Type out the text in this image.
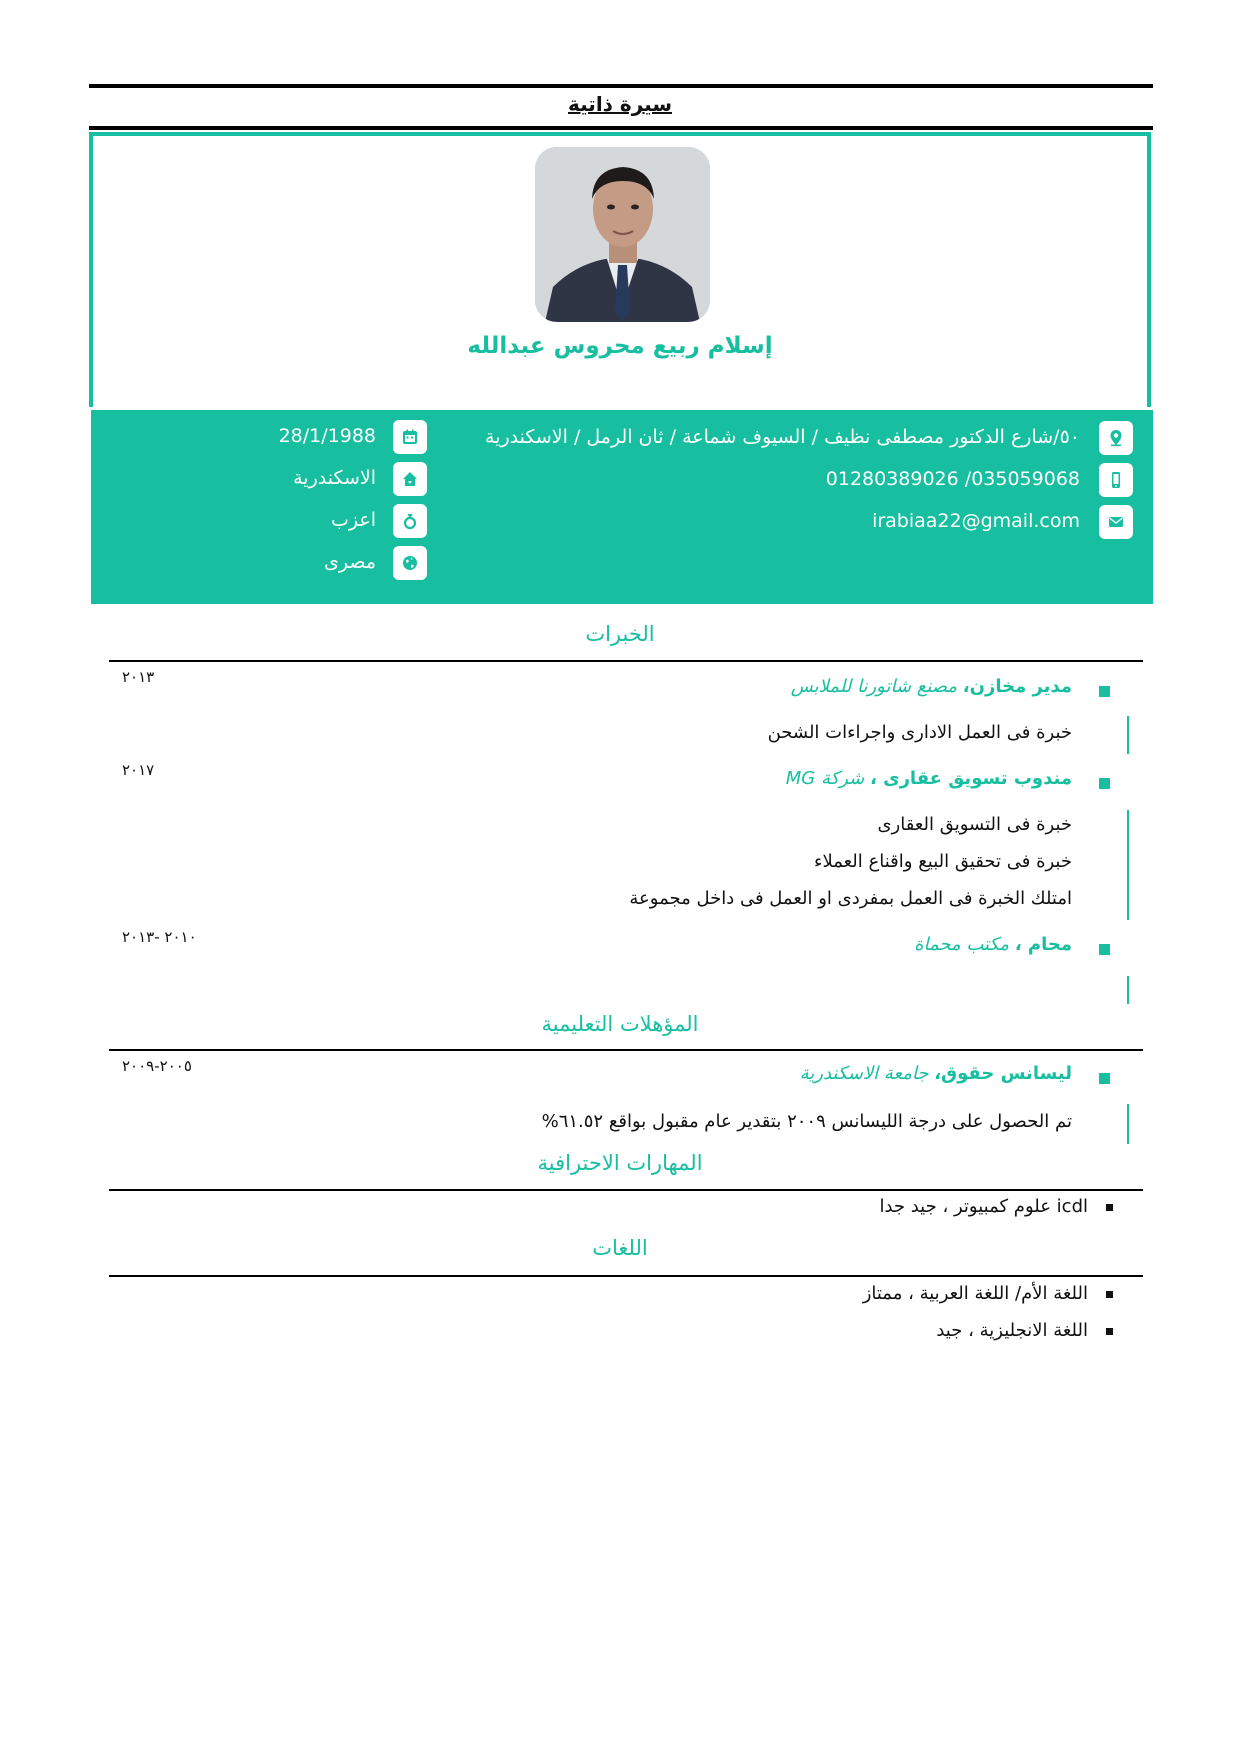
سيرة ذاتية
إسلام ربيع محروس عبدالله
٥٠/شارع الدكتور مصطفى نظيف / السيوف شماعة / ثان الرمل / الاسكندرية
035059068/ 01280389026
irabiaa22@gmail.com
28/1/1988
الاسكندرية
اعزب
مصرى
الخبرات
مدير مخازن، مصنع شاتورنا للملابس
٢٠١٣
خبرة فى العمل الادارى واجراءات الشحن
مندوب تسويق عقارى ، شركة MG
٢٠١٧
خبرة فى التسويق العقارى
خبرة فى تحقيق البيع واقناع العملاء
امتلك الخبرة فى العمل بمفردى او العمل فى داخل مجموعة
محام ، مكتب محماة
٢٠١٠ -٢٠١٣
المؤهلات التعليمية
ليسانس حقوق، جامعة الاسكندرية
٢٠٠٥-٢٠٠٩
تم الحصول على درجة الليسانس ٢٠٠٩ بتقدير عام مقبول بواقع ٦١.٥٢%
المهارات الاحترافية
icdl علوم كمبيوتر ، جيد جدا
اللغات
اللغة الأم/ اللغة العربية ، ممتاز
اللغة الانجليزية ، جيد
